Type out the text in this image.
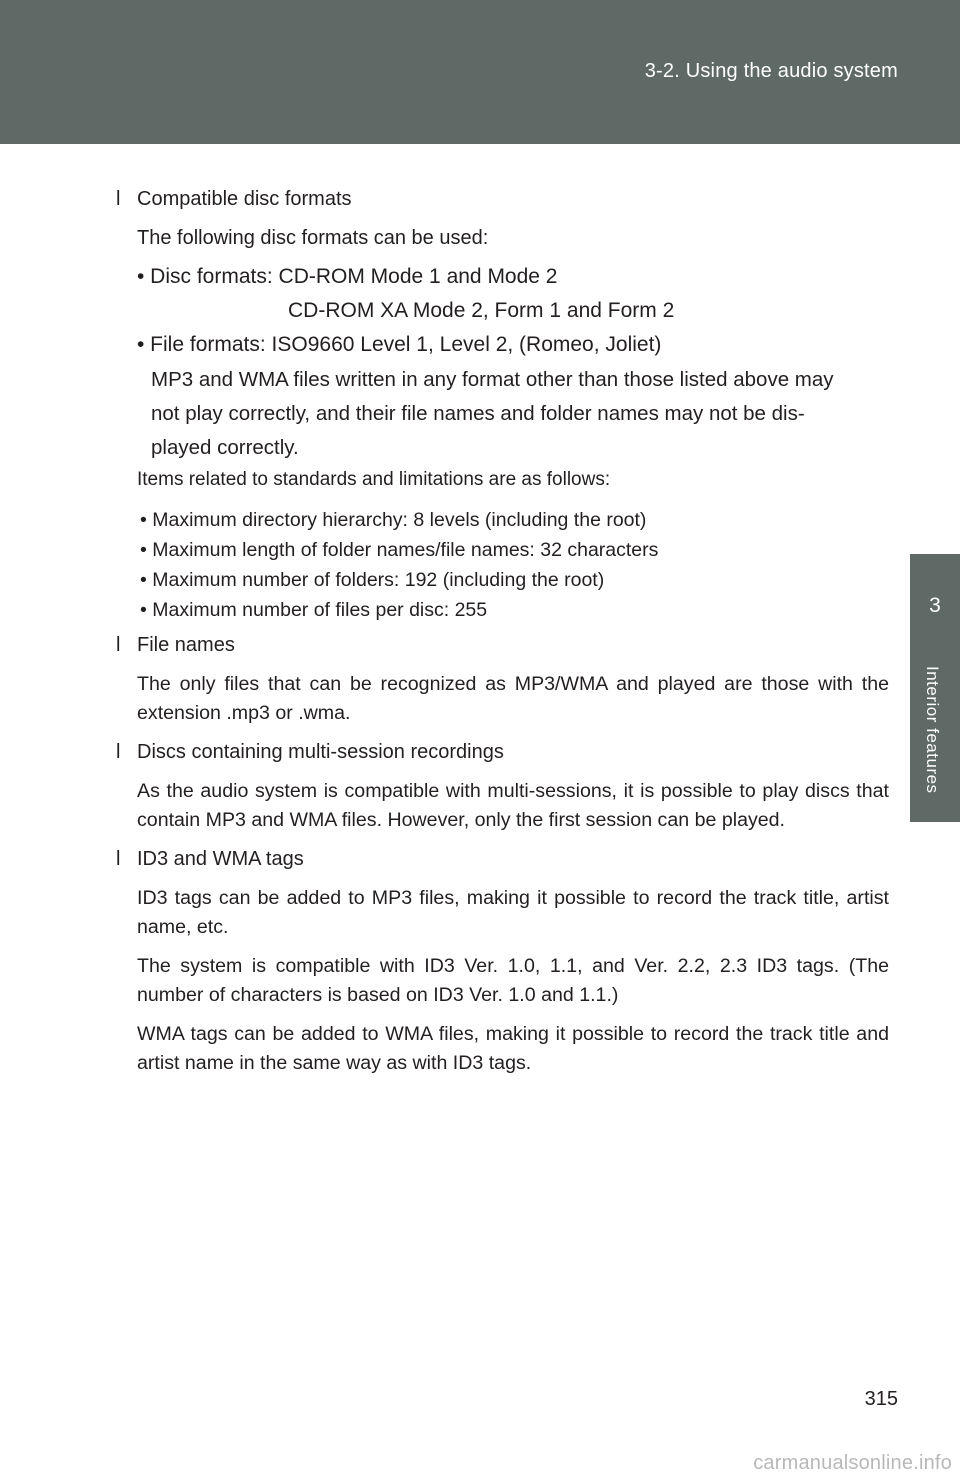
3-2. Using the audio system
3
Interior features
l Compatible disc formats
The following disc formats can be used:
• Disc formats: CD-ROM Mode 1 and Mode 2
CD-ROM XA Mode 2, Form 1 and Form 2
• File formats: ISO9660 Level 1, Level 2, (Romeo, Joliet)
MP3 and WMA files written in any format other than those listed above may
not play correctly, and their file names and folder names may not be dis-
played correctly.
Items related to standards and limitations are as follows:
• Maximum directory hierarchy: 8 levels (including the root)
• Maximum length of folder names/file names: 32 characters
• Maximum number of folders: 192 (including the root)
• Maximum number of files per disc: 255
l File names
The only files that can be recognized as MP3/WMA and played are those with the extension .mp3 or .wma.
l Discs containing multi-session recordings
As the audio system is compatible with multi-sessions, it is possible to play discs that contain MP3 and WMA files. However, only the first session can be played.
l ID3 and WMA tags
ID3 tags can be added to MP3 files, making it possible to record the track title, artist name, etc.
The system is compatible with ID3 Ver. 1.0, 1.1, and Ver. 2.2, 2.3 ID3 tags. (The number of characters is based on ID3 Ver. 1.0 and 1.1.)
WMA tags can be added to WMA files, making it possible to record the track title and artist name in the same way as with ID3 tags.
315
carmanualsonline.info
